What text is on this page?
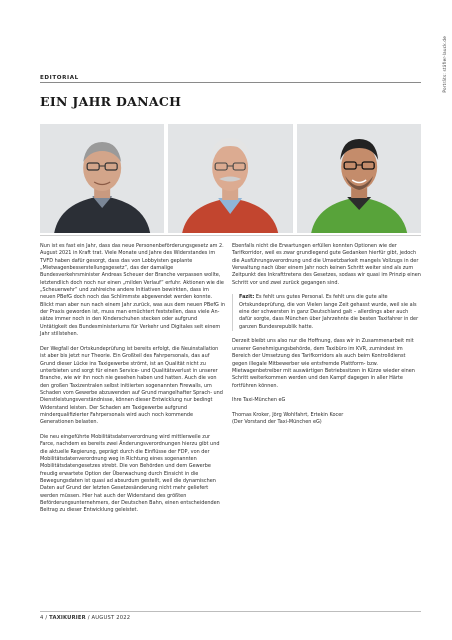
Porträts: stäfler-lauck.de
EDITORIAL
EIN JAHR DANACH

Nun ist es fast ein Jahr, dass das neue Personenbeförderungsgesetz am 2. August 2021 in Kraft trat. Viele Monate und Jahre des Widerstandes im TVFD haben dafür gesorgt, dass das von Lobbyisten geplante „Mietwagenbesserstellungsgesetz“, das der damalige Bundesverkehrsminister Andreas Scheuer der Branche verpassen wollte, letztendlich doch noch nur einen „milden Verlauf“ erfuhr. Aktionen wie die „Scheuerwehr“ und zahlreiche andere Initiativen bewirkten, dass im neuen PBefG doch noch das Schlimmste abgewendet werden konnte. Blickt man aber nun nach einem Jahr zurück, was aus dem neuen PBefG in der Praxis geworden ist, muss man ernüchtert feststellen, dass viele Ansätze immer noch in den Kinderschuhen stecken oder aufgrund Untätigkeit des Bundesministeriums für Verkehr und Digitales seit einem Jahr stillstehen.

Der Wegfall der Ortskundeprüfung ist bereits erfolgt, die Neuinstallation ist aber bis jetzt nur Theorie. Ein Großteil des Fahrpersonals, das auf Grund dieser Lücke ins Taxigewerbe strömt, ist an Qualität nicht zu unterbieten und sorgt für einen Service- und Qualitätsverlust in unserer Branche, wie wir ihn noch nie gesehen haben und hatten. Auch die von den großen Taxizentralen selbst initiierten sogenannten Firewalls, um Schaden vom Gewerbe abzuwenden auf Grund mangelhafter Sprach- und Dienstleistungsverständnisse, können dieser Entwicklung nur bedingt Widerstand leisten. Der Schaden am Taxigewerbe aufgrund minderqualifizierter Fahrpersonals wird auch noch kommende Generationen belasten.

Die neu eingeführte Mobilitätsdatenverordnung wird mittlerweile zur Farce, nachdem es bereits zwei Änderungsverordnungen hierzu gibt und die aktuelle Regierung, geprägt durch die Einflüsse der FDP, von der Mobilitätsdatenverordnung weg in Richtung eines sogenannten Mobilitätsdatengesetzes strebt. Die von Behörden und dem Gewerbe freudig erwartete Option der Überwachung durch Einsicht in die Bewegungsdaten ist quasi ad absurdum gestellt, weil die dynamischen Daten auf Grund der letzten Gesetzesänderung nicht mehr geliefert werden müssen. Hier hat auch der Widerstand des größten Beförderungsunternehmers, der Deutschen Bahn, einen entscheidenden Beitrag zu dieser Entwicklung geleistet.

Ebenfalls nicht die Erwartungen erfüllen konnten Optionen wie der Tarifkorridor, weil es zwar grundlegend gute Gedanken hierfür gibt, jedoch die Ausführungsverordnung und die Umsetzbarkeit mangels Vollzugs in der Verwaltung nach über einem Jahr noch keinen Schritt weiter sind als zum Zeitpunkt des Inkrafttretens des Gesetzes, sodass wir quasi im Prinzip einen Schritt vor und zwei zurück gegangen sind.

Fazit: Es fehlt uns gutes Personal. Es fehlt uns die gute alte Ortskundeprüfung, die von Vielen lange Zeit gehasst wurde, weil sie als eine der schwersten in ganz Deutschland galt – allerdings aber auch dafür sorgte, dass München über Jahrzehnte die besten Taxifahrer in der ganzen Bundesrepublik hatte.

Derzeit bleibt uns also nur die Hoffnung, dass wir in Zusammenarbeit mit unserer Genehmigungsbehörde, dem Taxibüro im KVR, zumindest im Bereich der Umsetzung des Tarifkorridors als auch beim Kontrolldienst gegen illegale Mitbewerber wie entsfremde Plattform- bzw. Mietwagenbetreiber mit auswärtigen Betriebssitzen in Kürze wieder einen Schritt weiterkommen werden und den Kampf dagegen in aller Härte fortführen können.

Ihre Taxi-München eG

Thomas Kroker, Jörg Wohlfahrt, Ertekin Kocer
(Der Vorstand der Taxi-München eG)
4 / TAXIKURIER / AUGUST 2022
